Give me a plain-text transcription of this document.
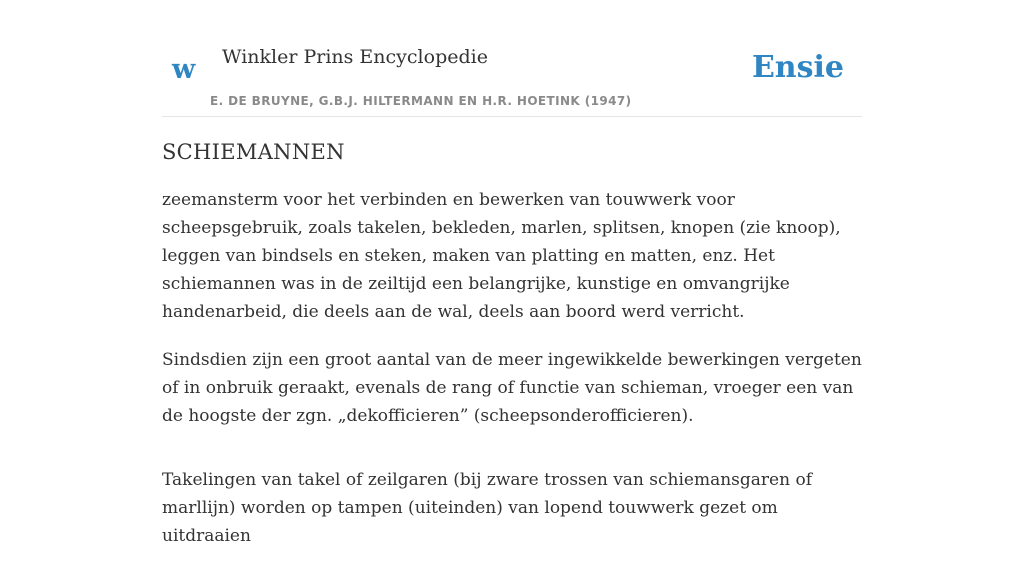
w Winkler Prins Encyclopedie
E. DE BRUYNE, G.B.J. HILTERMANN EN H.R. HOETINK (1947)
Ensie
SCHIEMANNEN

zeemansterm voor het verbinden en bewerken van touwwerk voor scheepsgebruik, zoals takelen, bekleden, marlen, splitsen, knopen (zie knoop), leggen van bindsels en steken, maken van platting en matten, enz. Het schiemannen was in de zeiltijd een belangrijke, kunstige en omvangrijke handenarbeid, die deels aan de wal, deels aan boord werd verricht.

Sindsdien zijn een groot aantal van de meer ingewikkelde bewerkingen vergeten of in onbruik geraakt, evenals de rang of functie van schieman, vroeger een van de hoogste der zgn. „dekofficieren” (scheepsonderofficieren).

Takelingen van takel of zeilgaren (bij zware trossen van schiemansgaren of marllijn) worden op tampen (uiteinden) van lopend touwwerk gezet om uitdraaien
